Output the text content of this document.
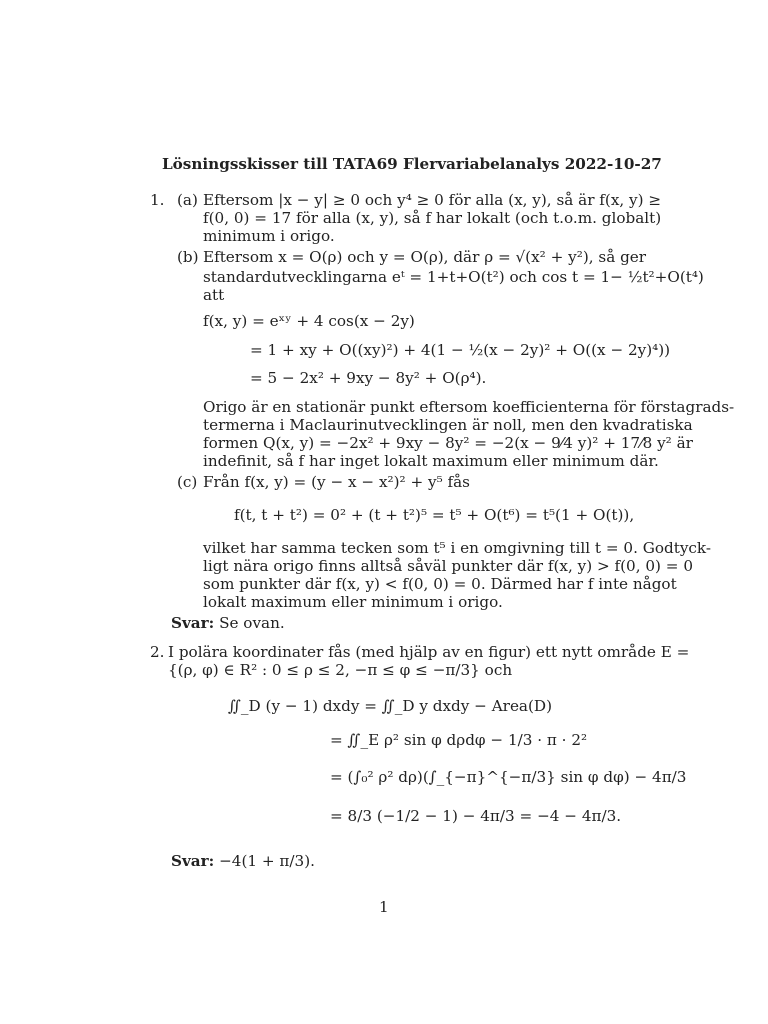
Lösningsskisser till TATA69 Flervariabelanalys 2022-10-27
1. (a) Eftersom |x − y| ≥ 0 och y⁴ ≥ 0 för alla (x, y), så är f(x, y) ≥
f(0, 0) = 17 för alla (x, y), så f har lokalt (och t.o.m. globalt)
minimum i origo.
(b) Eftersom x = O(ρ) och y = O(ρ), där ρ = √(x² + y²), så ger
standardutvecklingarna eᵗ = 1+t+O(t²) och cos t = 1− ½t²+O(t⁴)
att
f(x, y) = eˣʸ + 4 cos(x − 2y)
= 1 + xy + O((xy)²) + 4(1 − ½(x − 2y)² + O((x − 2y)⁴))
= 5 − 2x² + 9xy − 8y² + O(ρ⁴).
Origo är en stationär punkt eftersom koefficienterna för förstagrads-
termerna i Maclaurinutvecklingen är noll, men den kvadratiska
formen Q(x, y) = −2x² + 9xy − 8y² = −2(x − 9⁄4 y)² + 17⁄8 y² är
indefinit, så f har inget lokalt maximum eller minimum där.
(c) Från f(x, y) = (y − x − x²)² + y⁵ fås
f(t, t + t²) = 0² + (t + t²)⁵ = t⁵ + O(t⁶) = t⁵(1 + O(t)),
vilket har samma tecken som t⁵ i en omgivning till t = 0. Godtyck-
ligt nära origo finns alltså såväl punkter där f(x, y) > f(0, 0) = 0
som punkter där f(x, y) < f(0, 0) = 0. Därmed har f inte något
lokalt maximum eller minimum i origo.
Svar: Se ovan.
2. I polära koordinater fås (med hjälp av en figur) ett nytt område E =
{(ρ, φ) ∈ R² : 0 ≤ ρ ≤ 2, −π ≤ φ ≤ −π/3} och
∬_D (y − 1) dxdy = ∬_D y dxdy − Area(D)
= ∬_E ρ² sin φ dρdφ − 1/3 · π · 2²
= (∫₀² ρ² dρ)(∫_{−π}^{−π/3} sin φ dφ) − 4π/3
= 8/3 (−1/2 − 1) − 4π/3 = −4 − 4π/3.
Svar: −4(1 + π/3).
1
